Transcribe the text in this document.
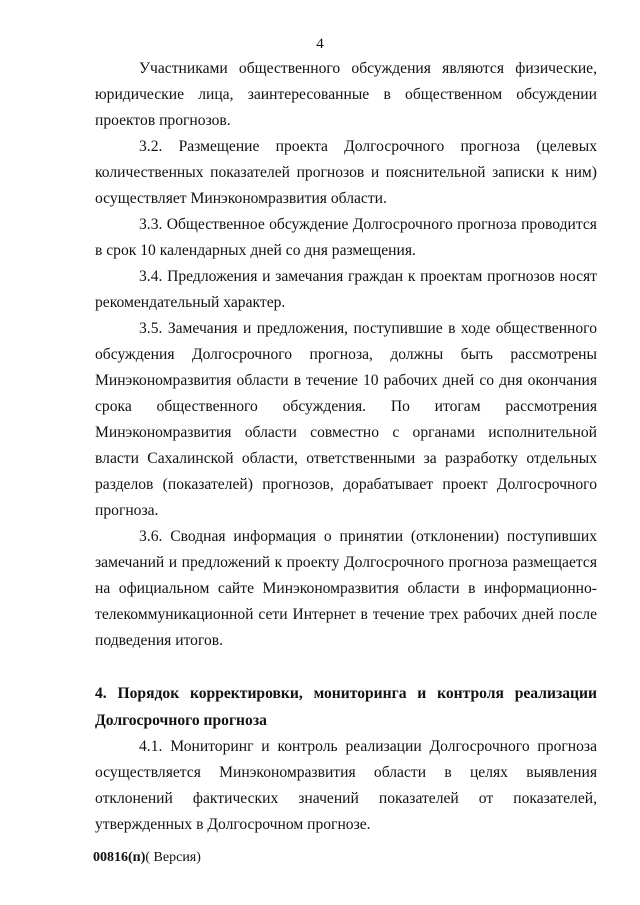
4

Участниками общественного обсуждения являются физические, юридические лица, заинтересованные в общественном обсуждении проектов прогнозов.

3.2. Размещение проекта Долгосрочного прогноза (целевых количественных показателей прогнозов и пояснительной записки к ним) осуществляет Минэкономразвития области.

3.3. Общественное обсуждение Долгосрочного прогноза проводится в срок 10 календарных дней со дня размещения.

3.4. Предложения и замечания граждан к проектам прогнозов носят рекомендательный характер.

3.5. Замечания и предложения, поступившие в ходе общественного обсуждения Долгосрочного прогноза, должны быть рассмотрены Минэкономразвития области в течение 10 рабочих дней со дня окончания срока общественного обсуждения. По итогам рассмотрения Минэкономразвития области совместно с органами исполнительной власти Сахалинской области, ответственными за разработку отдельных разделов (показателей) прогнозов, дорабатывает проект Долгосрочного прогноза.

3.6. Сводная информация о принятии (отклонении) поступивших замечаний и предложений к проекту Долгосрочного прогноза размещается на официальном сайте Минэкономразвития области в информационно-телекоммуникационной сети Интернет в течение трех рабочих дней после подведения итогов.

4. Порядок корректировки, мониторинга и контроля реализации Долгосрочного прогноза

4.1. Мониторинг и контроль реализации Долгосрочного прогноза осуществляется Минэкономразвития области в целях выявления отклонений фактических значений показателей от показателей, утвержденных в Долгосрочном прогнозе.

00816(п)( Версия)
